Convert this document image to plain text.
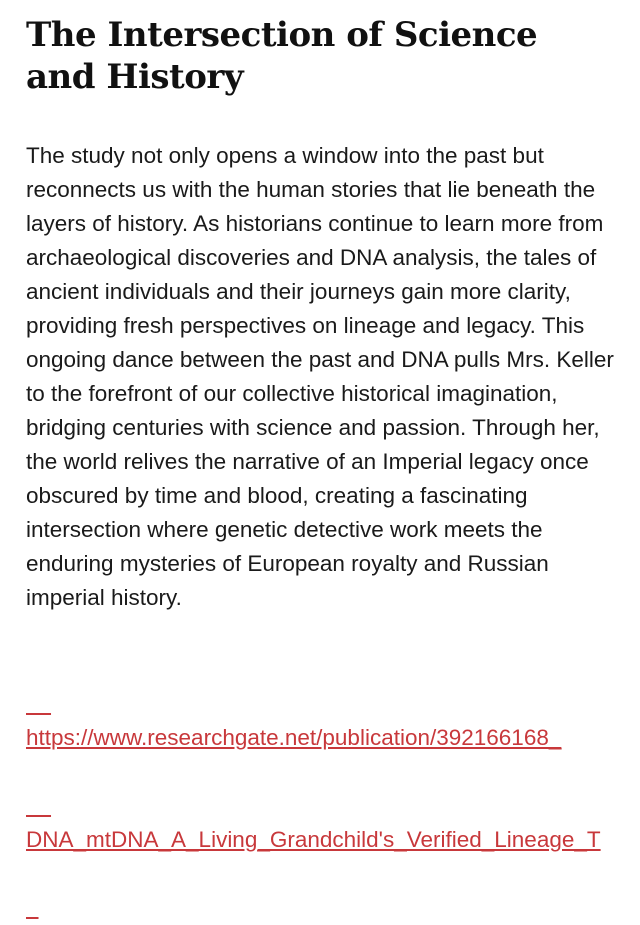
The Intersection of Science and History

The study not only opens a window into the past but reconnects us with the human stories that lie beneath the layers of history. As historians continue to learn more from archaeological discoveries and DNA analysis, the tales of ancient individuals and their journeys gain more clarity, providing fresh perspectives on lineage and legacy. This ongoing dance between the past and DNA pulls Mrs. Keller to the forefront of our collective historical imagination, bridging centuries with science and passion. Through her, the world relives the narrative of an Imperial legacy once obscured by time and blood, creating a fascinating intersection where genetic detective work meets the enduring mysteries of European royalty and Russian imperial history.

https://www.researchgate.net/publication/392166168_

DNA_mtDNA_A_Living_Grandchild's_Verified_Lineage_T
